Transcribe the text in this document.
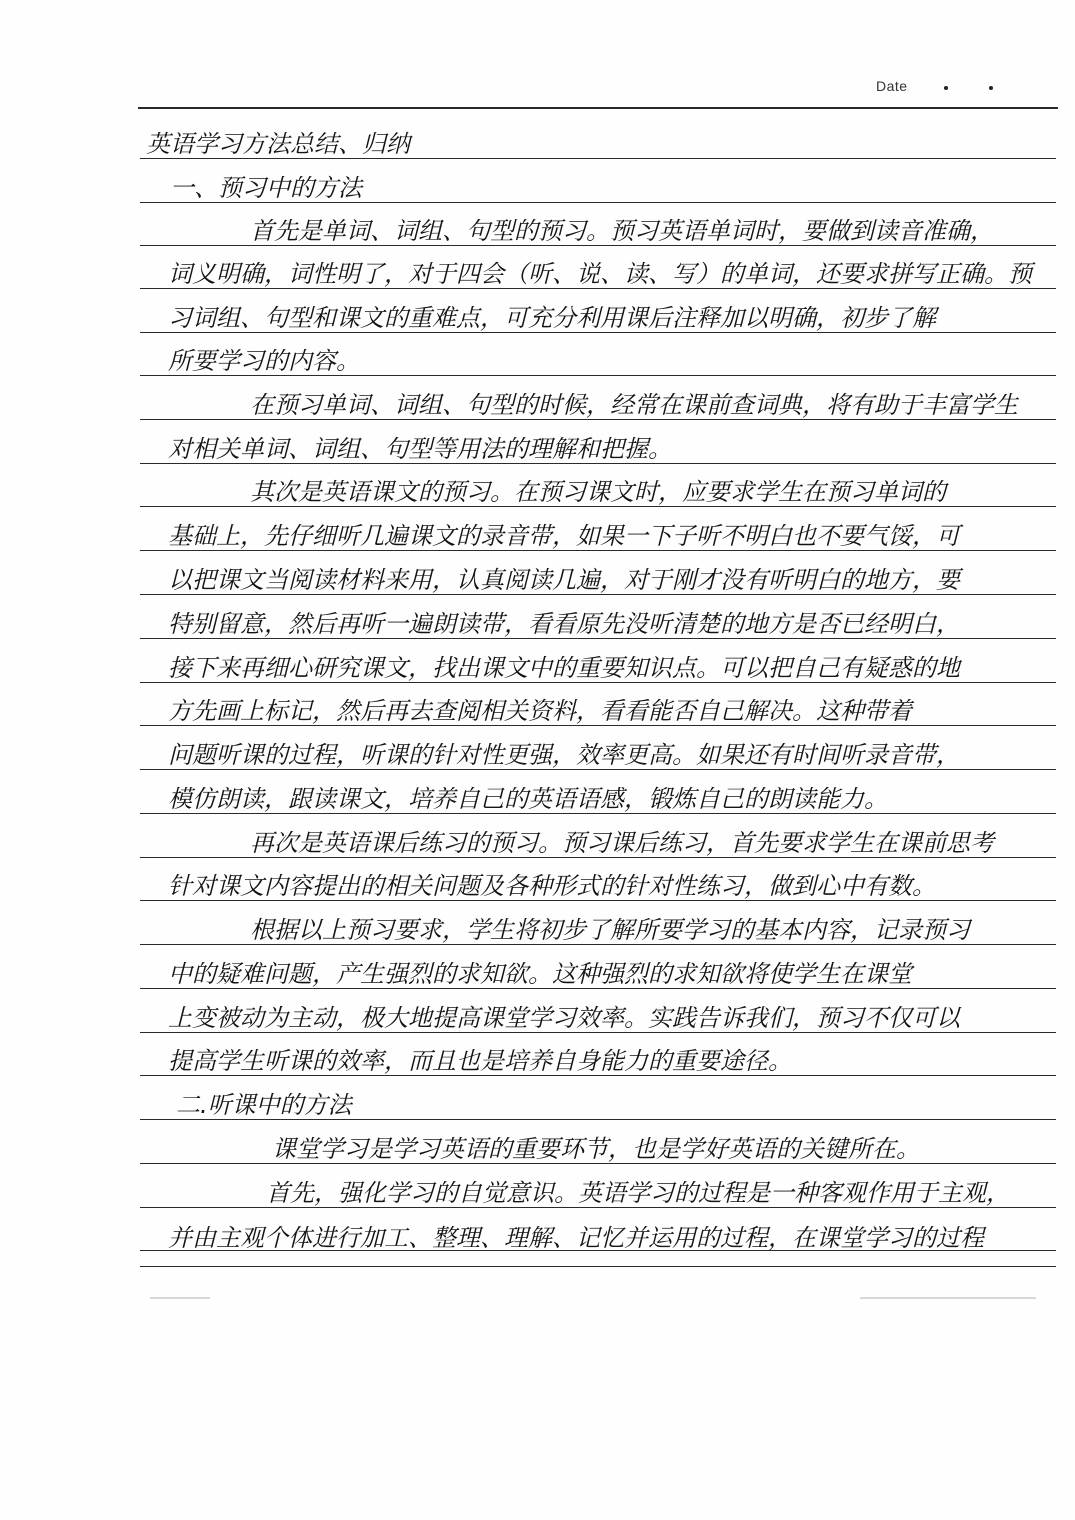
Date
英语学习方法总结、归纳
一、预习中的方法
首先是单词、词组、句型的预习。预习英语单词时，要做到读音准确，
词义明确，词性明了，对于四会（听、说、读、写）的单词，还要求拼写正确。预
习词组、句型和课文的重难点，可充分利用课后注释加以明确，初步了解
所要学习的内容。
在预习单词、词组、句型的时候，经常在课前查词典，将有助于丰富学生
对相关单词、词组、句型等用法的理解和把握。
其次是英语课文的预习。在预习课文时，应要求学生在预习单词的
基础上，先仔细听几遍课文的录音带，如果一下子听不明白也不要气馁，可
以把课文当阅读材料来用，认真阅读几遍，对于刚才没有听明白的地方，要
特别留意，然后再听一遍朗读带，看看原先没听清楚的地方是否已经明白，
接下来再细心研究课文，找出课文中的重要知识点。可以把自己有疑惑的地
方先画上标记，然后再去查阅相关资料，看看能否自己解决。这种带着
问题听课的过程，听课的针对性更强，效率更高。如果还有时间听录音带，
模仿朗读，跟读课文，培养自己的英语语感，锻炼自己的朗读能力。
再次是英语课后练习的预习。预习课后练习，首先要求学生在课前思考
针对课文内容提出的相关问题及各种形式的针对性练习，做到心中有数。
根据以上预习要求，学生将初步了解所要学习的基本内容，记录预习
中的疑难问题，产生强烈的求知欲。这种强烈的求知欲将使学生在课堂
上变被动为主动，极大地提高课堂学习效率。实践告诉我们，预习不仅可以
提高学生听课的效率，而且也是培养自身能力的重要途径。
二.听课中的方法
课堂学习是学习英语的重要环节，也是学好英语的关键所在。
首先，强化学习的自觉意识。英语学习的过程是一种客观作用于主观，
并由主观个体进行加工、整理、理解、记忆并运用的过程，在课堂学习的过程
